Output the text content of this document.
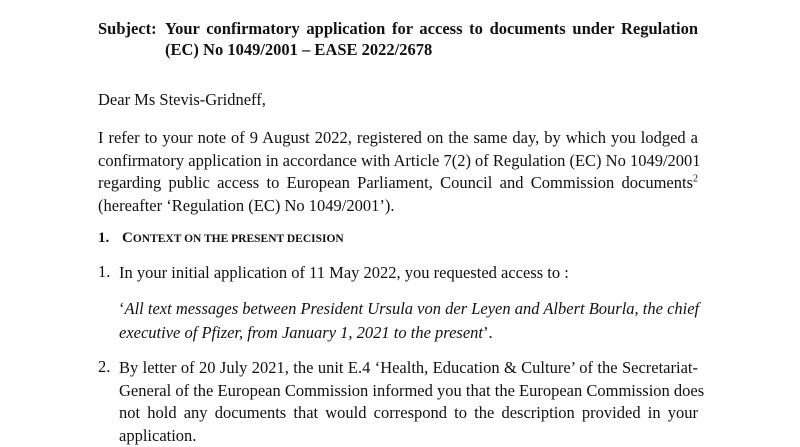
Subject: Your confirmatory application for access to documents under Regulation
(EC) No 1049/2001 – EASE 2022/2678
Dear Ms Stevis-Gridneff,
I refer to your note of 9 August 2022, registered on the same day, by which you lodged a
confirmatory application in accordance with Article 7(2) of Regulation (EC) No 1049/2001
regarding public access to European Parliament, Council and Commission documents$^2$
(hereafter ‘Regulation (EC) No 1049/2001’).
1. CONTEXT ON THE PRESENT DECISION
1. In your initial application of 11 May 2022, you requested access to :
‘All text messages between President Ursula von der Leyen and Albert Bourla, the chief
executive of Pfizer, from January 1, 2021 to the present’.
2. By letter of 20 July 2021, the unit E.4 ‘Health, Education & Culture’ of the Secretariat-
General of the European Commission informed you that the European Commission does
not hold any documents that would correspond to the description provided in your
application.
